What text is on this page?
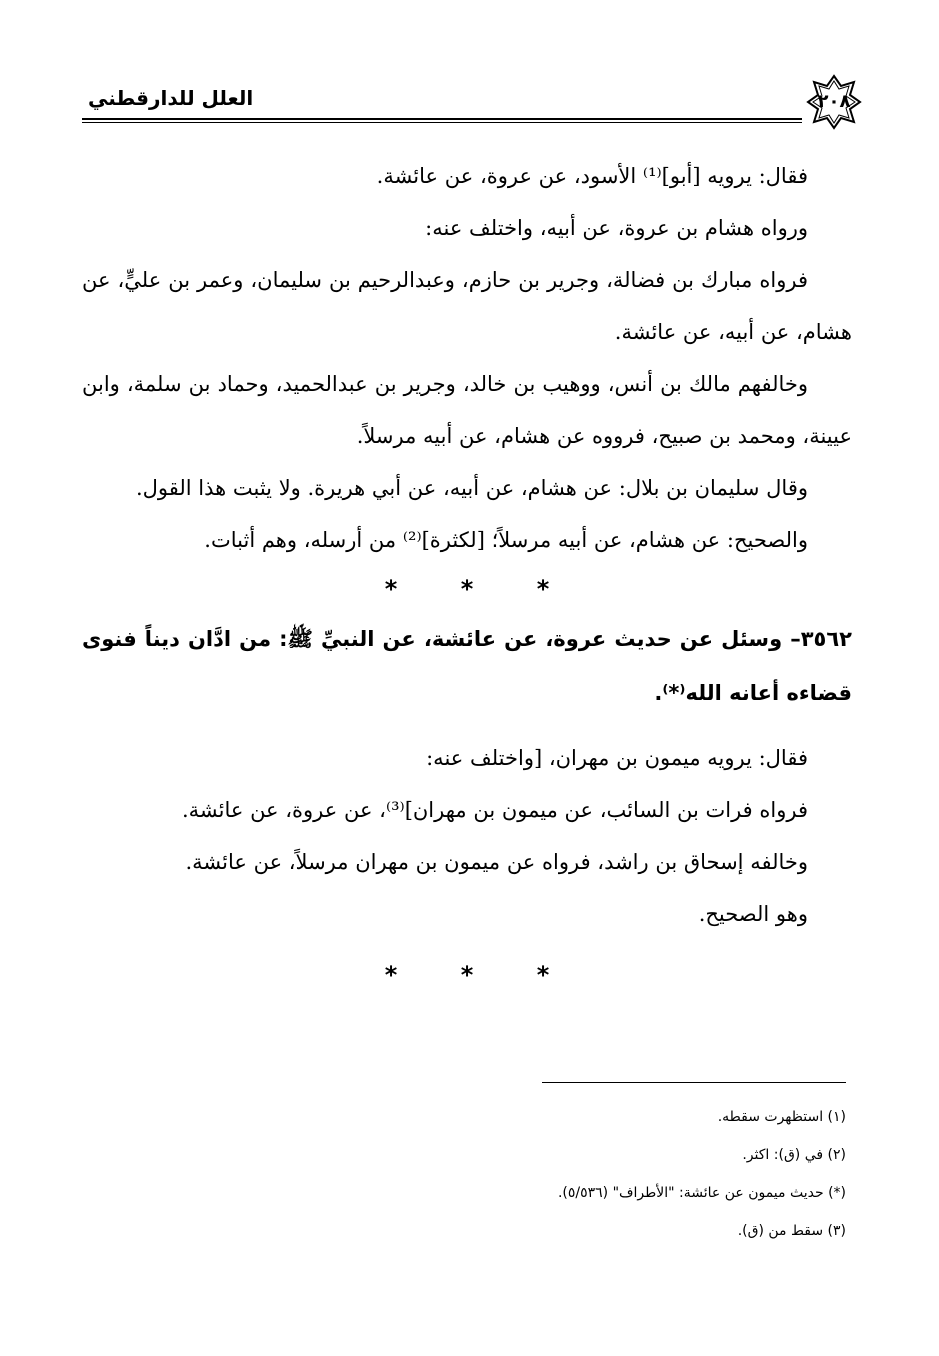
٢٠٨
العلل للدارقطني

فقال: يرويه [أبو]⁽¹⁾ الأسود، عن عروة، عن عائشة.

ورواه هشام بن عروة، عن أبيه، واختلف عنه:

فرواه مبارك بن فضالة، وجرير بن حازم، وعبدالرحيم بن سليمان، وعمر بن عليٍّ، عن هشام، عن أبيه، عن عائشة.

وخالفهم مالك بن أنس، ووهيب بن خالد، وجرير بن عبدالحميد، وحماد بن سلمة، وابن عيينة، ومحمد بن صبيح، فرووه عن هشام، عن أبيه مرسلاً.

وقال سليمان بن بلال: عن هشام، عن أبيه، عن أبي هريرة. ولا يثبت هذا القول.

والصحيح: عن هشام، عن أبيه مرسلاً؛ [لكثرة]⁽²⁾ من أرسله، وهم أثبات.

*	*	*

٣٥٦٢– وسئل عن حديث عروة، عن عائشة، عن النبيِّ ﷺ: من ادَّان ديناً فنوى قضاءه أعانه الله⁽*⁾.

فقال: يرويه ميمون بن مهران، [واختلف عنه:

فرواه فرات بن السائب، عن ميمون بن مهران]⁽³⁾، عن عروة، عن عائشة.

وخالفه إسحاق بن راشد، فرواه عن ميمون بن مهران مرسلاً، عن عائشة.

وهو الصحيح.

*	*	*

(١) استظهرت سقطه.

(٢) في (ق): اكثر.

(*) حديث ميمون عن عائشة: "الأطراف" (٥/٥٣٦).

(٣) سقط من (ق).
